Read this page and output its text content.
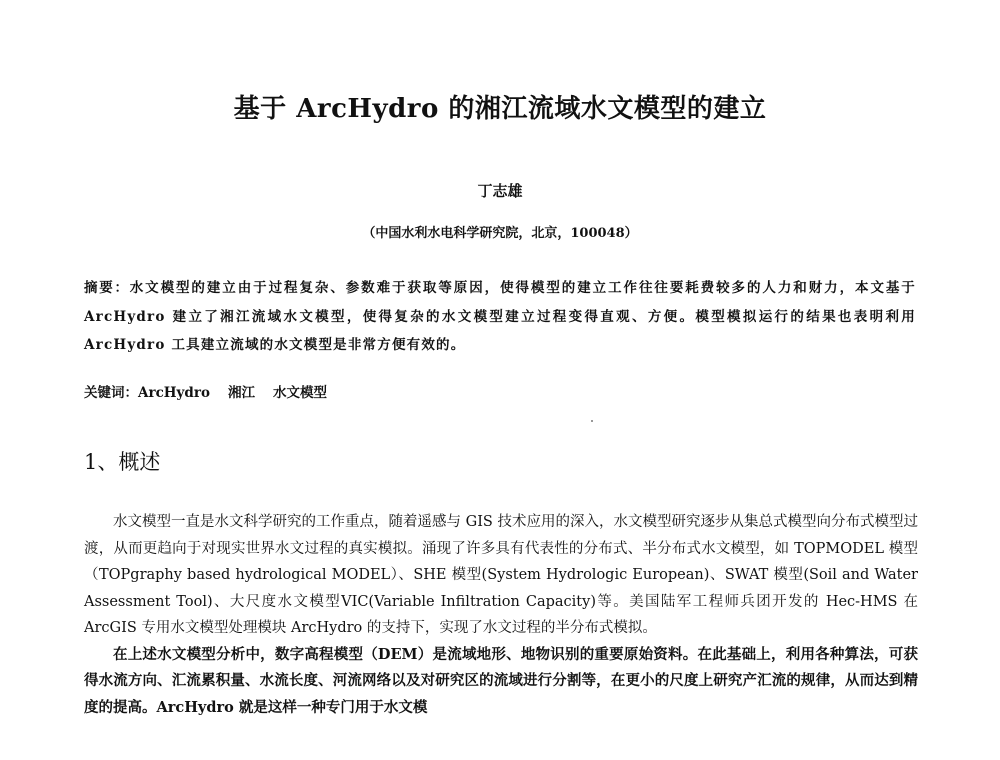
基于 ArcHydro 的湘江流域水文模型的建立
丁志雄
（中国水利水电科学研究院，北京，100048）
摘要：水文模型的建立由于过程复杂、参数难于获取等原因，使得模型的建立工作往往要耗费较多的人力和财力，本文基于 ArcHydro 建立了湘江流域水文模型，使得复杂的水文模型建立过程变得直观、方便。模型模拟运行的结果也表明利用 ArcHydro 工具建立流域的水文模型是非常方便有效的。
关键词：ArcHydro 湘江 水文模型
1、概述

水文模型一直是水文科学研究的工作重点，随着遥感与 GIS 技术应用的深入，水文模型研究逐步从集总式模型向分布式模型过渡，从而更趋向于对现实世界水文过程的真实模拟。涌现了许多具有代表性的分布式、半分布式水文模型，如 TOPMODEL 模型（TOPgraphy based hydrological MODEL）、SHE 模型(System Hydrologic European)、SWAT 模型(Soil and Water Assessment Tool)、大尺度水文模型VIC(Variable Infiltration Capacity)等。美国陆军工程师兵团开发的 Hec-HMS 在 ArcGIS 专用水文模型处理模块 ArcHydro 的支持下，实现了水文过程的半分布式模拟。

在上述水文模型分析中，数字高程模型（DEM）是流域地形、地物识别的重要原始资料。在此基础上，利用各种算法，可获得水流方向、汇流累积量、水流长度、河流网络以及对研究区的流域进行分割等，在更小的尺度上研究产汇流的规律，从而达到精度的提高。ArcHydro 就是这样一种专门用于水文模
